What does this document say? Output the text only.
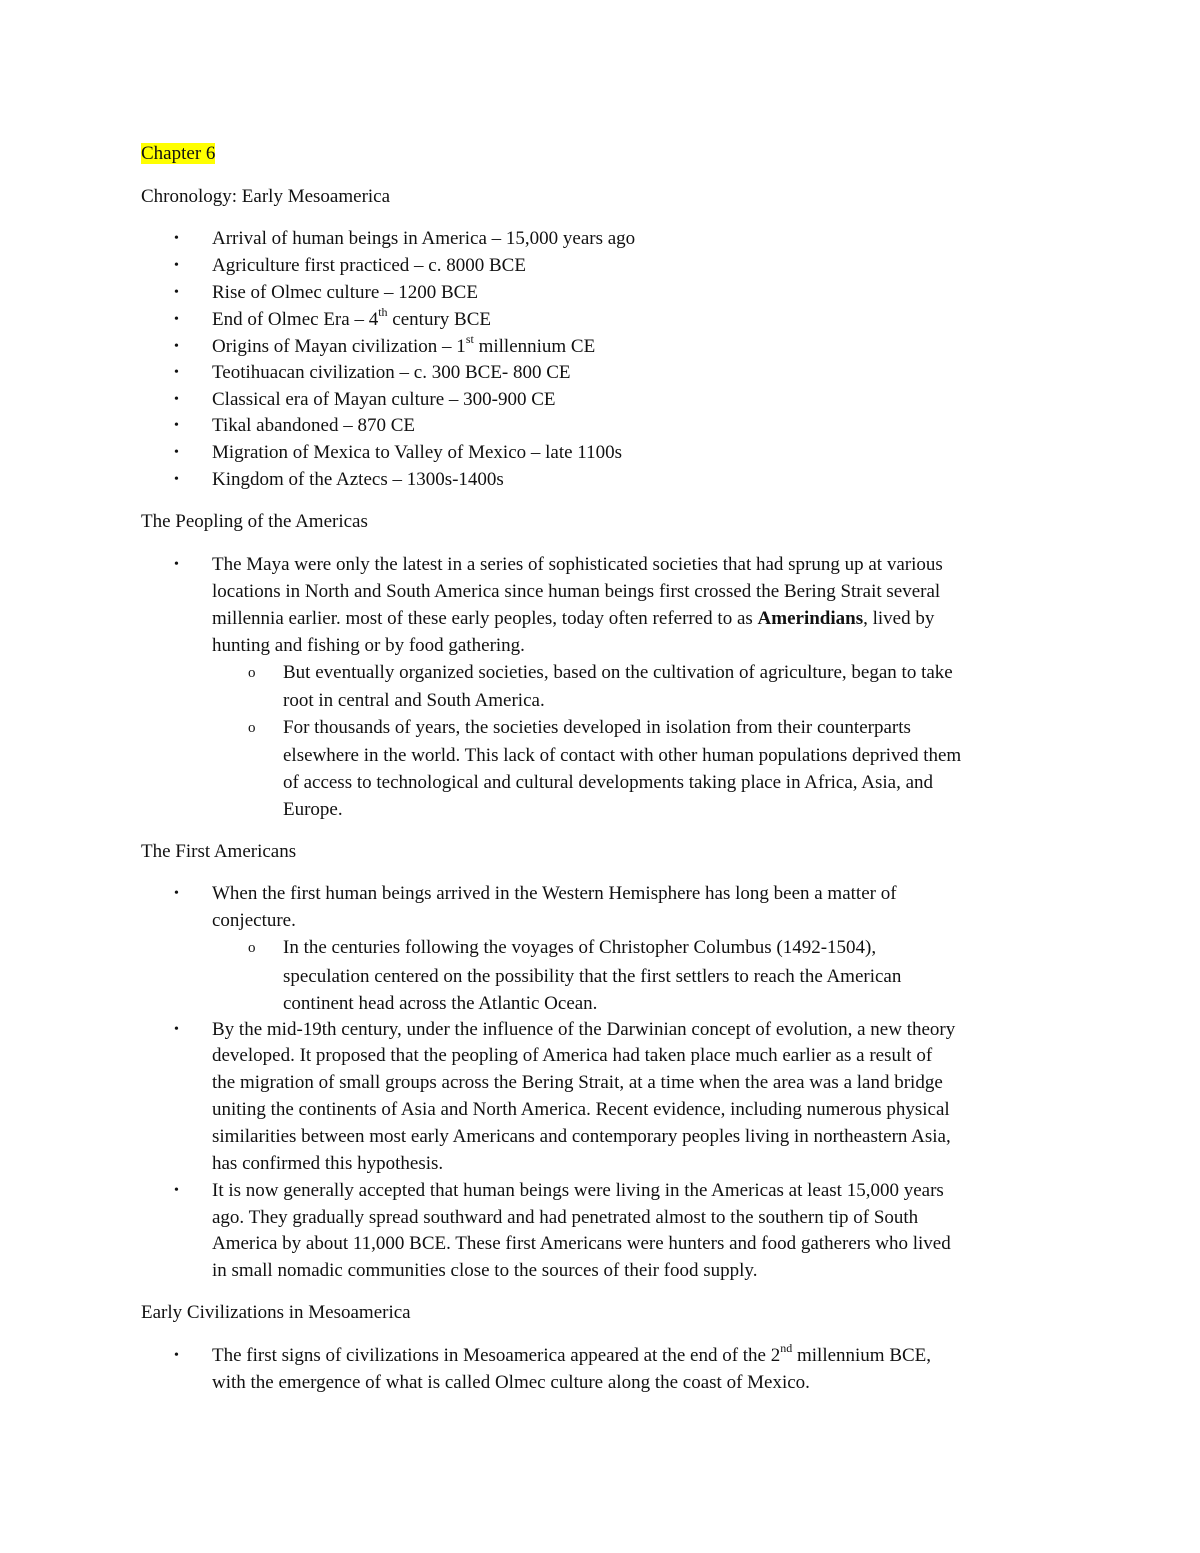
Chapter 6
Chronology: Early Mesoamerica
• Arrival of human beings in America – 15,000 years ago
• Agriculture first practiced – c. 8000 BCE
• Rise of Olmec culture – 1200 BCE
• End of Olmec Era – 4th century BCE
• Origins of Mayan civilization – 1st millennium CE
• Teotihuacan civilization – c. 300 BCE- 800 CE
• Classical era of Mayan culture – 300-900 CE
• Tikal abandoned – 870 CE
• Migration of Mexica to Valley of Mexico – late 1100s
• Kingdom of the Aztecs – 1300s-1400s
The Peopling of the Americas
• The Maya were only the latest in a series of sophisticated societies that had sprung up at various
locations in North and South America since human beings first crossed the Bering Strait several
millennia earlier. most of these early peoples, today often referred to as Amerindians, lived by
hunting and fishing or by food gathering.
o But eventually organized societies, based on the cultivation of agriculture, began to take
root in central and South America.
o For thousands of years, the societies developed in isolation from their counterparts
elsewhere in the world. This lack of contact with other human populations deprived them
of access to technological and cultural developments taking place in Africa, Asia, and
Europe.
The First Americans
• When the first human beings arrived in the Western Hemisphere has long been a matter of
conjecture.
o In the centuries following the voyages of Christopher Columbus (1492-1504),
speculation centered on the possibility that the first settlers to reach the American
continent head across the Atlantic Ocean.
• By the mid-19th century, under the influence of the Darwinian concept of evolution, a new theory
developed. It proposed that the peopling of America had taken place much earlier as a result of
the migration of small groups across the Bering Strait, at a time when the area was a land bridge
uniting the continents of Asia and North America. Recent evidence, including numerous physical
similarities between most early Americans and contemporary peoples living in northeastern Asia,
has confirmed this hypothesis.
• It is now generally accepted that human beings were living in the Americas at least 15,000 years
ago. They gradually spread southward and had penetrated almost to the southern tip of South
America by about 11,000 BCE. These first Americans were hunters and food gatherers who lived
in small nomadic communities close to the sources of their food supply.
Early Civilizations in Mesoamerica
• The first signs of civilizations in Mesoamerica appeared at the end of the 2nd millennium BCE,
with the emergence of what is called Olmec culture along the coast of Mexico.
